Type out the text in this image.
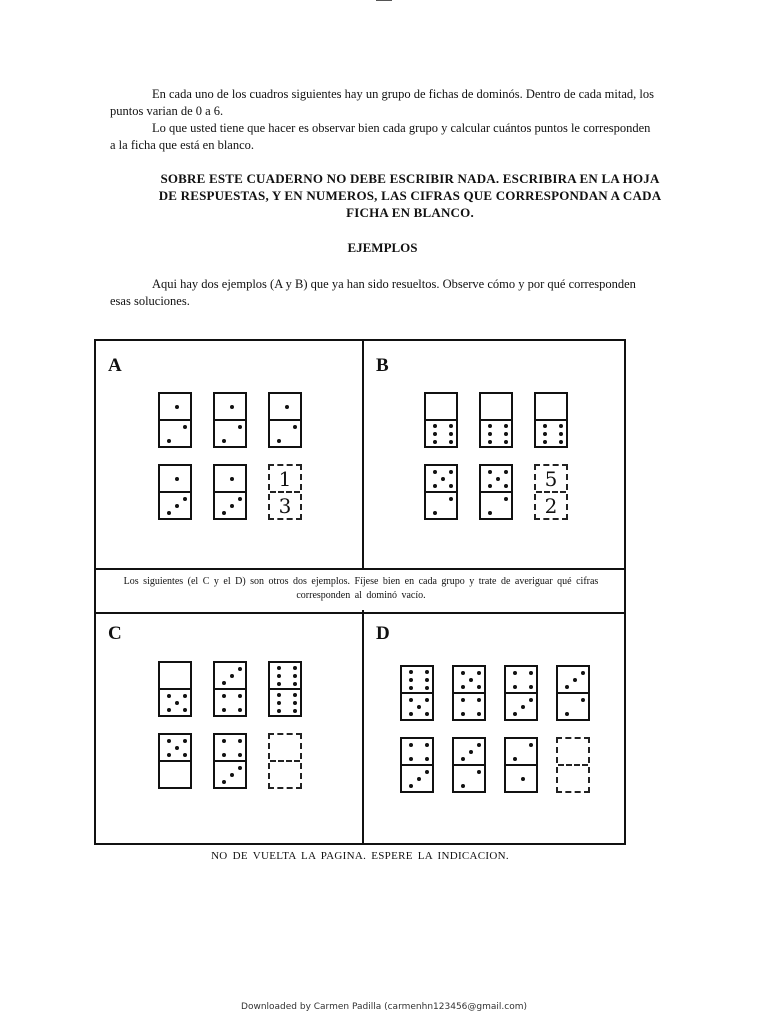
En cada uno de los cuadros siguientes hay un grupo de fichas de dominós. Dentro de cada mitad, los puntos varian de 0 a 6.

Lo que usted tiene que hacer es observar bien cada grupo y calcular cuántos puntos le corresponden a la ficha que está en blanco.

SOBRE ESTE CUADERNO NO DEBE ESCRIBIR NADA. ESCRIBIRA EN LA HOJA DE RESPUESTAS, Y EN NUMEROS, LAS CIFRAS QUE CORRESPONDAN A CADA FICHA EN BLANCO.

EJEMPLOS

Aqui hay dos ejemplos (A y B) que ya han sido resueltos. Observe cómo y por qué corresponden esas soluciones.

Los siguientes (el C y el D) son otros dos ejemplos. Fíjese bien en cada grupo y trate de averiguar qué cifras corresponden al dominó vacío.

A	B

C	D

1
3
5
2

NO DE VUELTA LA PAGINA. ESPERE LA INDICACION.

Downloaded by Carmen Padilla (carmenhn123456@gmail.com)
